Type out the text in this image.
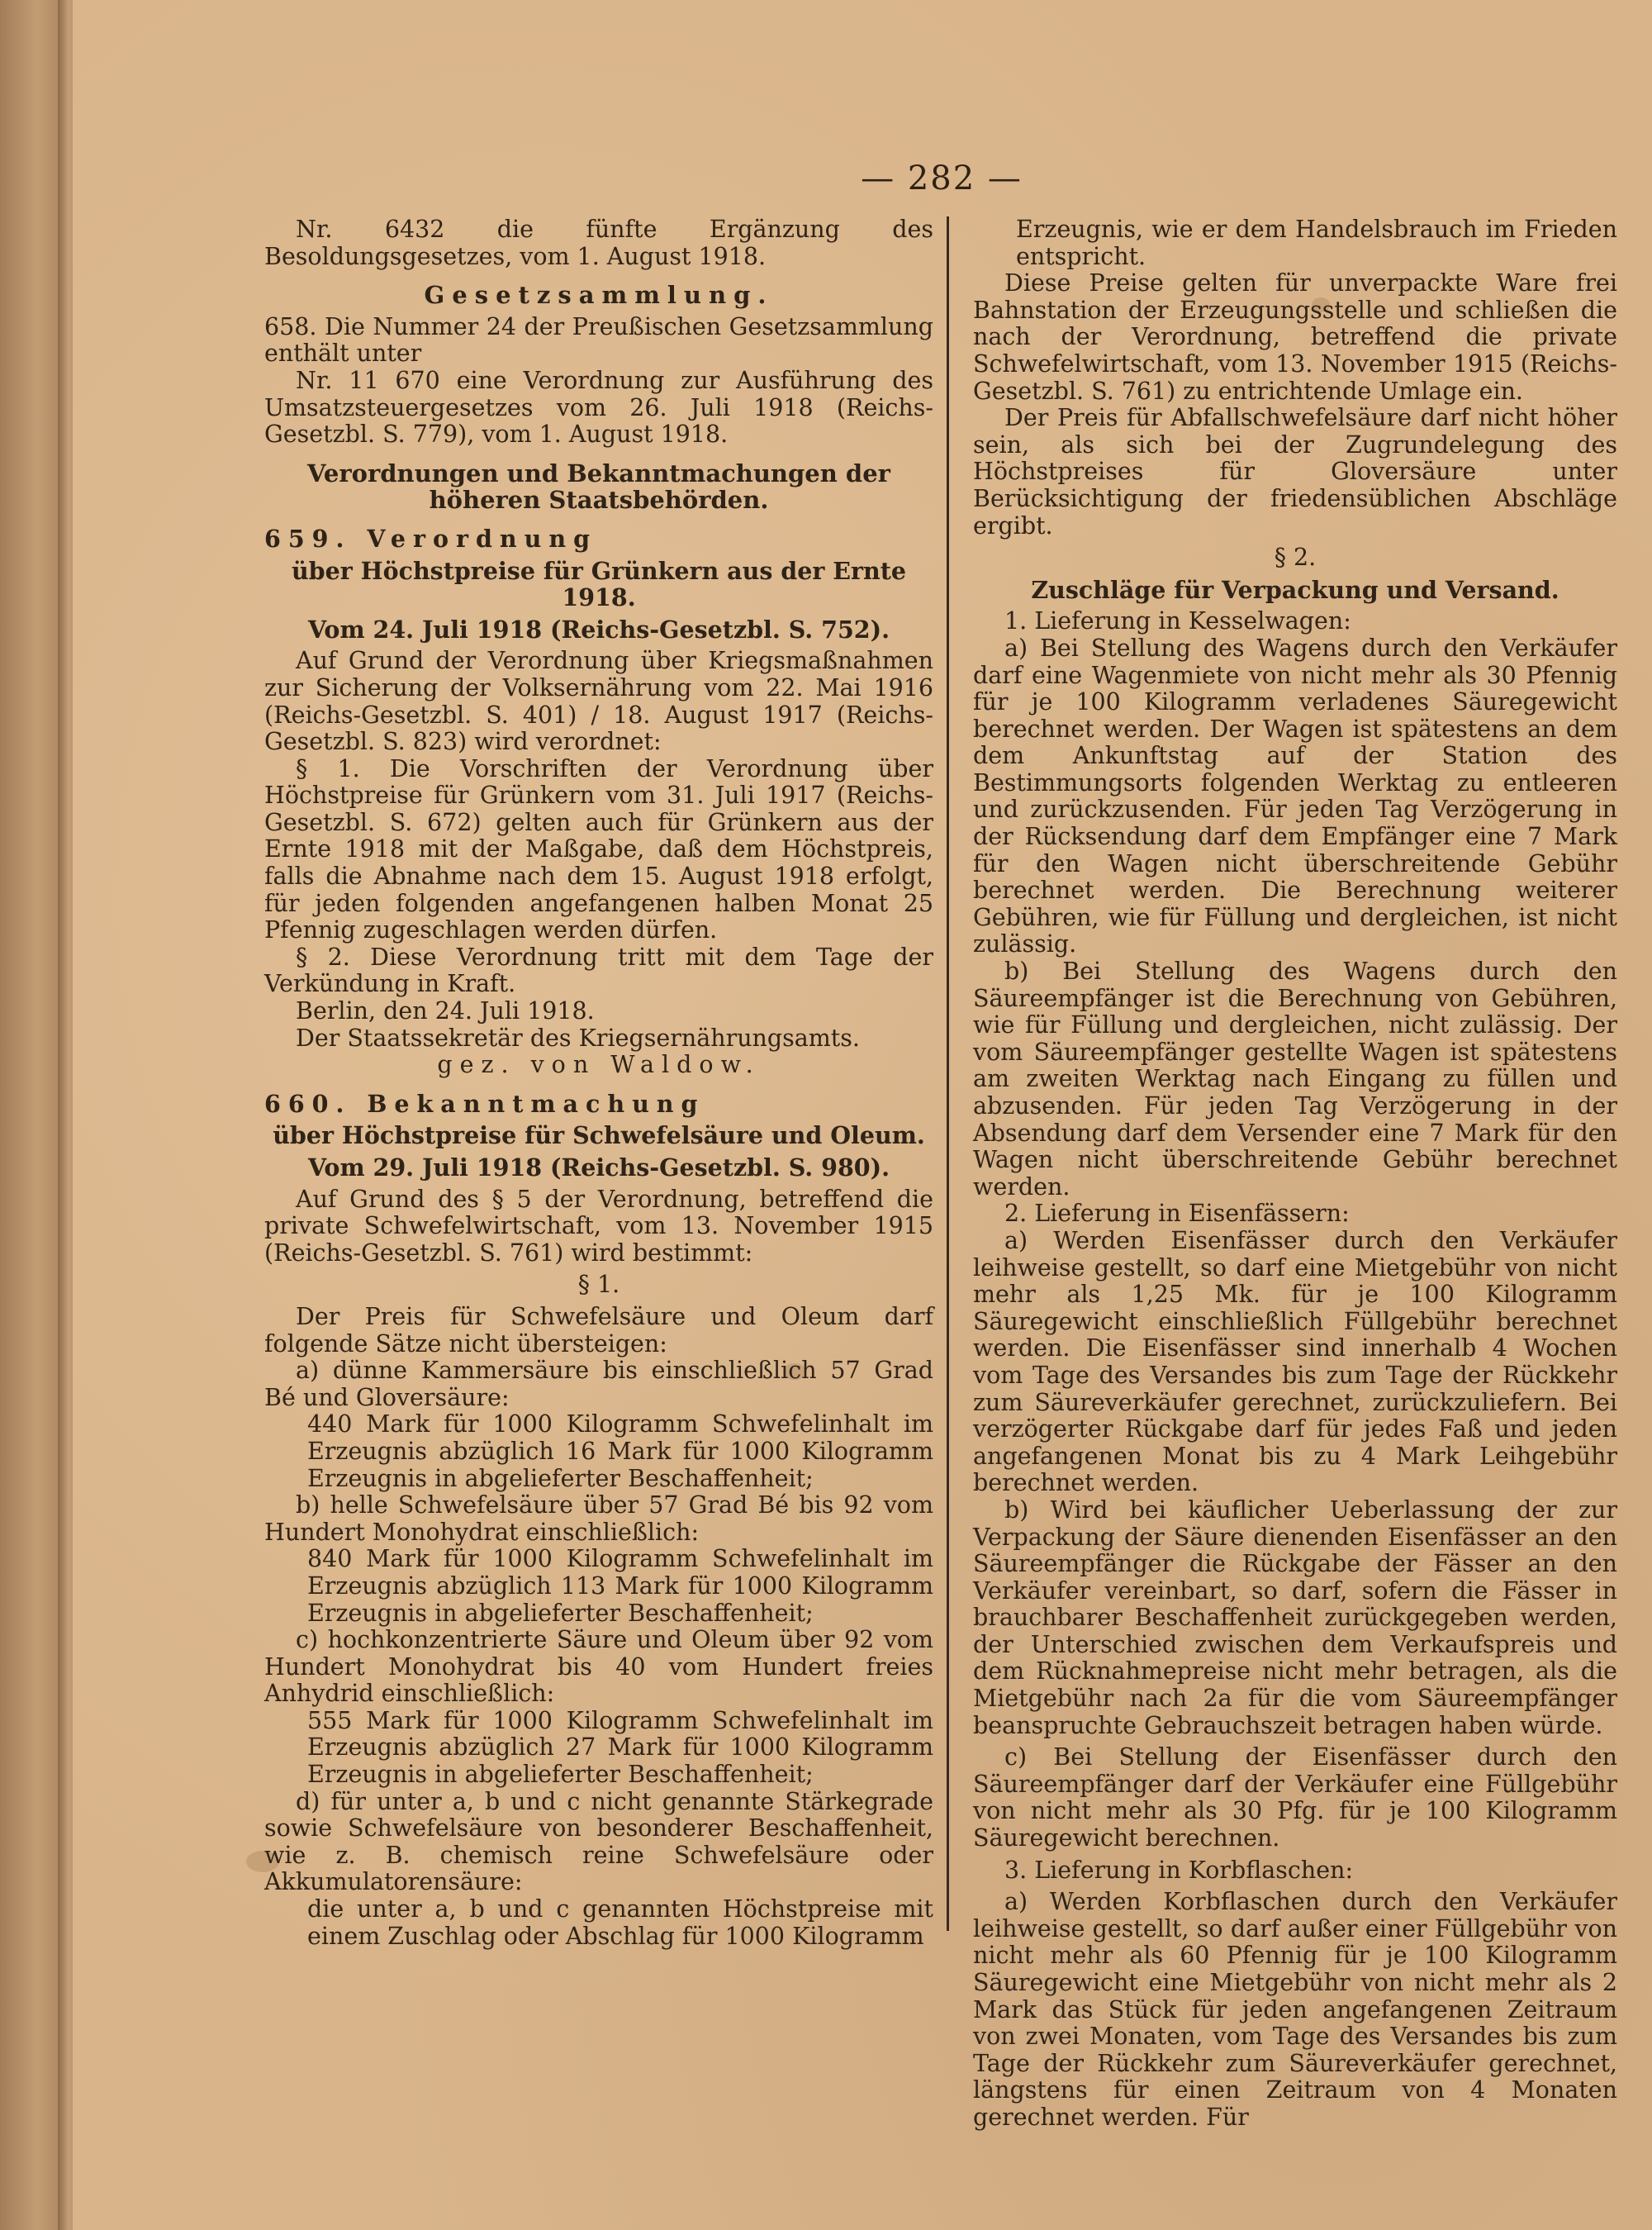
— 282 —

Nr. 6432 die fünfte Ergänzung des Besoldungsgesetzes, vom 1. August 1918.

Gesetzsammlung.

658. Die Nummer 24 der Preußischen Gesetzsammlung enthält unter

Nr. 11 670 eine Verordnung zur Ausführung des Umsatzsteuergesetzes vom 26. Juli 1918 (Reichs-Gesetzbl. S. 779), vom 1. August 1918.

Verordnungen und Bekanntmachungen der höheren Staatsbehörden.

659. Verordnung

über Höchstpreise für Grünkern aus der Ernte 1918.

Vom 24. Juli 1918 (Reichs-Gesetzbl. S. 752).

Auf Grund der Verordnung über Kriegsmaßnahmen zur Sicherung der Volksernährung vom 22. Mai 1916 (Reichs-Gesetzbl. S. 401) / 18. August 1917 (Reichs-Gesetzbl. S. 823) wird verordnet:

§ 1. Die Vorschriften der Verordnung über Höchstpreise für Grünkern vom 31. Juli 1917 (Reichs-Gesetzbl. S. 672) gelten auch für Grünkern aus der Ernte 1918 mit der Maßgabe, daß dem Höchstpreis, falls die Abnahme nach dem 15. August 1918 erfolgt, für jeden folgenden angefangenen halben Monat 25 Pfennig zugeschlagen werden dürfen.

§ 2. Diese Verordnung tritt mit dem Tage der Verkündung in Kraft.

Berlin, den 24. Juli 1918.

Der Staatssekretär des Kriegsernährungsamts.

gez. von Waldow.

660. Bekanntmachung

über Höchstpreise für Schwefelsäure und Oleum.

Vom 29. Juli 1918 (Reichs-Gesetzbl. S. 980).

Auf Grund des § 5 der Verordnung, betreffend die private Schwefelwirtschaft, vom 13. November 1915 (Reichs-Gesetzbl. S. 761) wird bestimmt:

§ 1.

Der Preis für Schwefelsäure und Oleum darf folgende Sätze nicht übersteigen:

a) dünne Kammersäure bis einschließlich 57 Grad Bé und Gloversäure:

440 Mark für 1000 Kilogramm Schwefelinhalt im Erzeugnis abzüglich 16 Mark für 1000 Kilogramm Erzeugnis in abgelieferter Beschaffenheit;

b) helle Schwefelsäure über 57 Grad Bé bis 92 vom Hundert Monohydrat einschließlich:

840 Mark für 1000 Kilogramm Schwefelinhalt im Erzeugnis abzüglich 113 Mark für 1000 Kilogramm Erzeugnis in abgelieferter Beschaffenheit;

c) hochkonzentrierte Säure und Oleum über 92 vom Hundert Monohydrat bis 40 vom Hundert freies Anhydrid einschließlich:

555 Mark für 1000 Kilogramm Schwefelinhalt im Erzeugnis abzüglich 27 Mark für 1000 Kilogramm Erzeugnis in abgelieferter Beschaffenheit;

d) für unter a, b und c nicht genannte Stärkegrade sowie Schwefelsäure von besonderer Beschaffenheit, wie z. B. chemisch reine Schwefelsäure oder Akkumulatorensäure:

die unter a, b und c genannten Höchstpreise mit einem Zuschlag oder Abschlag für 1000 Kilogramm

Erzeugnis, wie er dem Handelsbrauch im Frieden entspricht.

Diese Preise gelten für unverpackte Ware frei Bahnstation der Erzeugungsstelle und schließen die nach der Verordnung, betreffend die private Schwefelwirtschaft, vom 13. November 1915 (Reichs-Gesetzbl. S. 761) zu entrichtende Umlage ein.

Der Preis für Abfallschwefelsäure darf nicht höher sein, als sich bei der Zugrundelegung des Höchstpreises für Gloversäure unter Berücksichtigung der friedensüblichen Abschläge ergibt.

§ 2.

Zuschläge für Verpackung und Versand.

1. Lieferung in Kesselwagen:

a) Bei Stellung des Wagens durch den Verkäufer darf eine Wagenmiete von nicht mehr als 30 Pfennig für je 100 Kilogramm verladenes Säuregewicht berechnet werden. Der Wagen ist spätestens an dem dem Ankunftstag auf der Station des Bestimmungsorts folgenden Werktag zu entleeren und zurückzusenden. Für jeden Tag Verzögerung in der Rücksendung darf dem Empfänger eine 7 Mark für den Wagen nicht überschreitende Gebühr berechnet werden. Die Berechnung weiterer Gebühren, wie für Füllung und dergleichen, ist nicht zulässig.

b) Bei Stellung des Wagens durch den Säureempfänger ist die Berechnung von Gebühren, wie für Füllung und dergleichen, nicht zulässig. Der vom Säureempfänger gestellte Wagen ist spätestens am zweiten Werktag nach Eingang zu füllen und abzusenden. Für jeden Tag Verzögerung in der Absendung darf dem Versender eine 7 Mark für den Wagen nicht überschreitende Gebühr berechnet werden.

2. Lieferung in Eisenfässern:

a) Werden Eisenfässer durch den Verkäufer leihweise gestellt, so darf eine Mietgebühr von nicht mehr als 1,25 Mk. für je 100 Kilogramm Säuregewicht einschließlich Füllgebühr berechnet werden. Die Eisenfässer sind innerhalb 4 Wochen vom Tage des Versandes bis zum Tage der Rückkehr zum Säureverkäufer gerechnet, zurückzuliefern. Bei verzögerter Rückgabe darf für jedes Faß und jeden angefangenen Monat bis zu 4 Mark Leihgebühr berechnet werden.

b) Wird bei käuflicher Ueberlassung der zur Verpackung der Säure dienenden Eisenfässer an den Säureempfänger die Rückgabe der Fässer an den Verkäufer vereinbart, so darf, sofern die Fässer in brauchbarer Beschaffenheit zurückgegeben werden, der Unterschied zwischen dem Verkaufspreis und dem Rücknahmepreise nicht mehr betragen, als die Mietgebühr nach 2a für die vom Säureempfänger beanspruchte Gebrauchszeit betragen haben würde.

c) Bei Stellung der Eisenfässer durch den Säureempfänger darf der Verkäufer eine Füllgebühr von nicht mehr als 30 Pfg. für je 100 Kilogramm Säuregewicht berechnen.

3. Lieferung in Korbflaschen:

a) Werden Korbflaschen durch den Verkäufer leihweise gestellt, so darf außer einer Füllgebühr von nicht mehr als 60 Pfennig für je 100 Kilogramm Säuregewicht eine Mietgebühr von nicht mehr als 2 Mark das Stück für jeden angefangenen Zeitraum von zwei Monaten, vom Tage des Versandes bis zum Tage der Rückkehr zum Säureverkäufer gerechnet, längstens für einen Zeitraum von 4 Monaten gerechnet werden. Für
